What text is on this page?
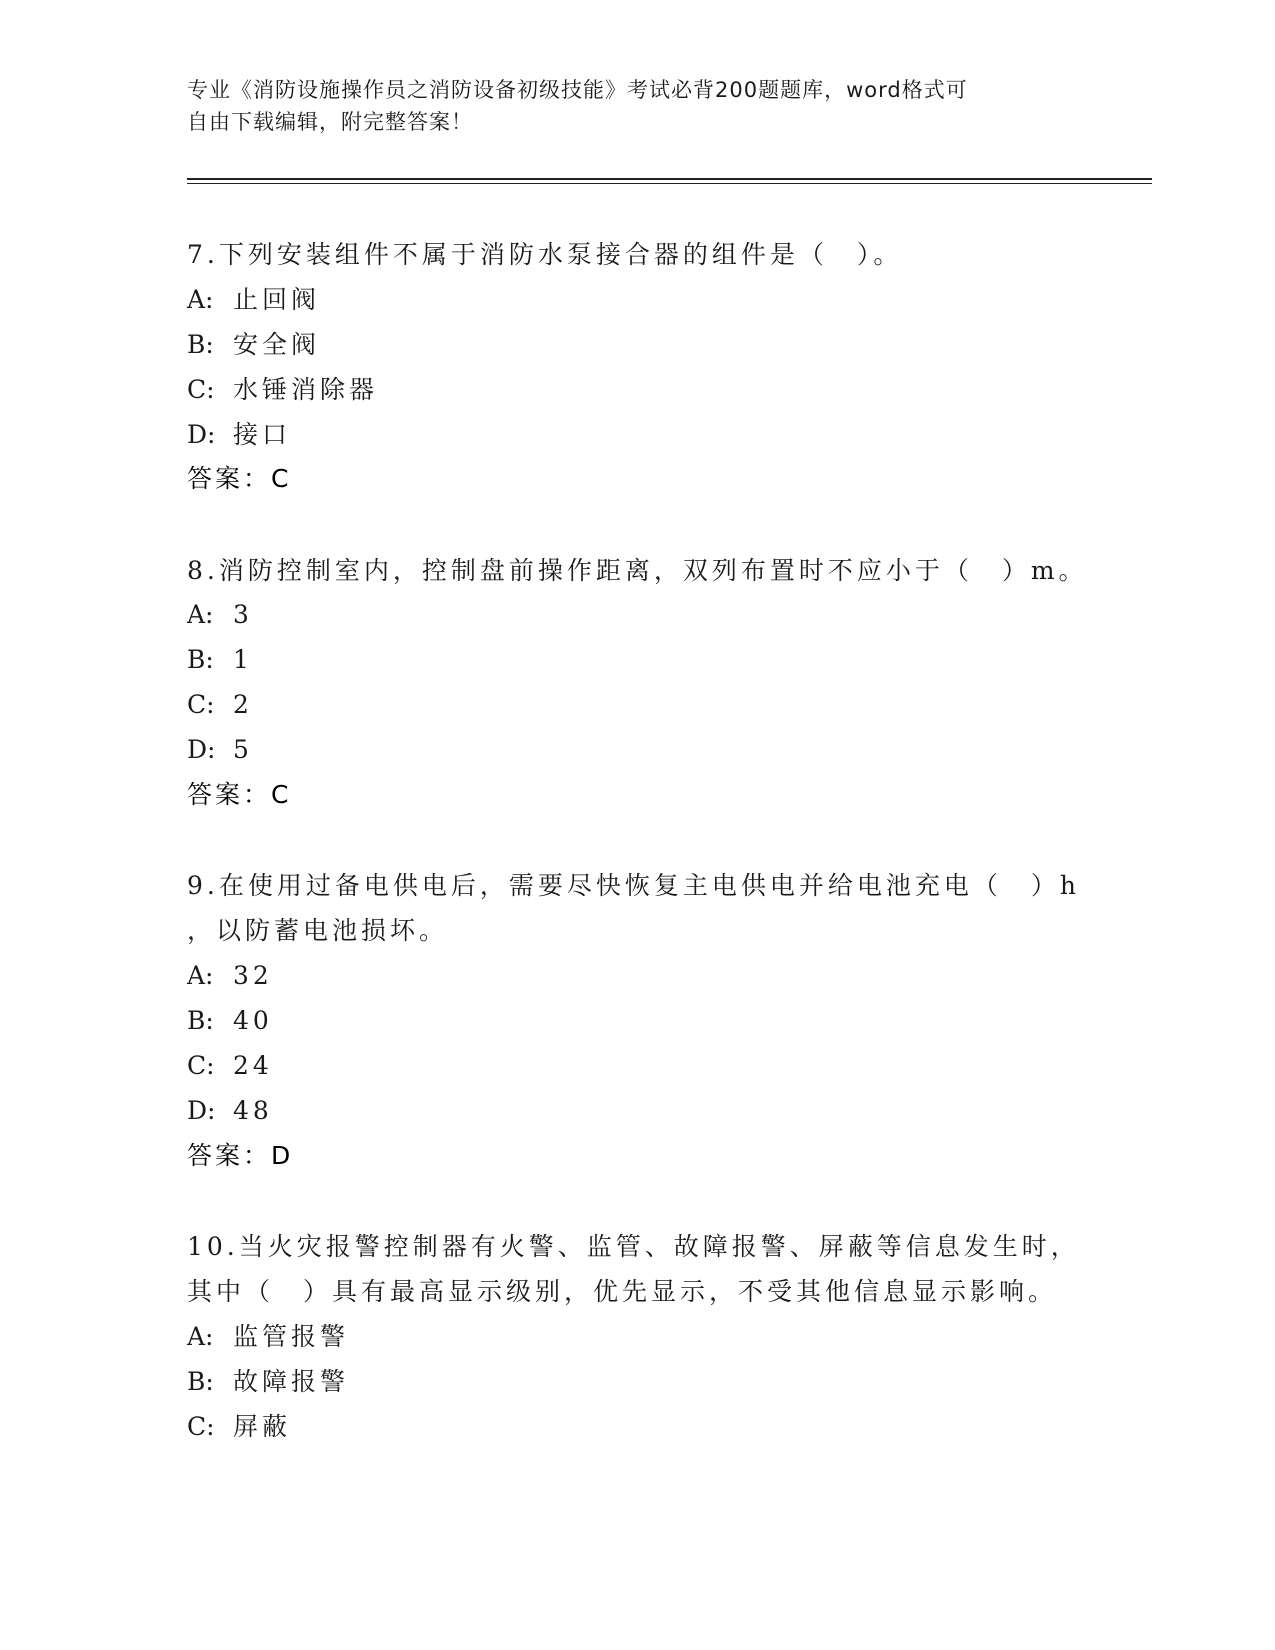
专业《消防设施操作员之消防设备初级技能》考试必背200题题库，word格式可
自由下载编辑，附完整答案！
7.下列安装组件不属于消防水泵接合器的组件是（　）。
A: 止回阀
B: 安全阀
C: 水锤消除器
D: 接口
答案：C
8.消防控制室内，控制盘前操作距离，双列布置时不应小于（　）m。
A: 3
B: 1
C: 2
D: 5
答案：C
9.在使用过备电供电后，需要尽快恢复主电供电并给电池充电（　）h
，以防蓄电池损坏。
A: 32
B: 40
C: 24
D: 48
答案：D
10.当火灾报警控制器有火警、监管、故障报警、屏蔽等信息发生时，
其中（　）具有最高显示级别，优先显示，不受其他信息显示影响。
A: 监管报警
B: 故障报警
C: 屏蔽
